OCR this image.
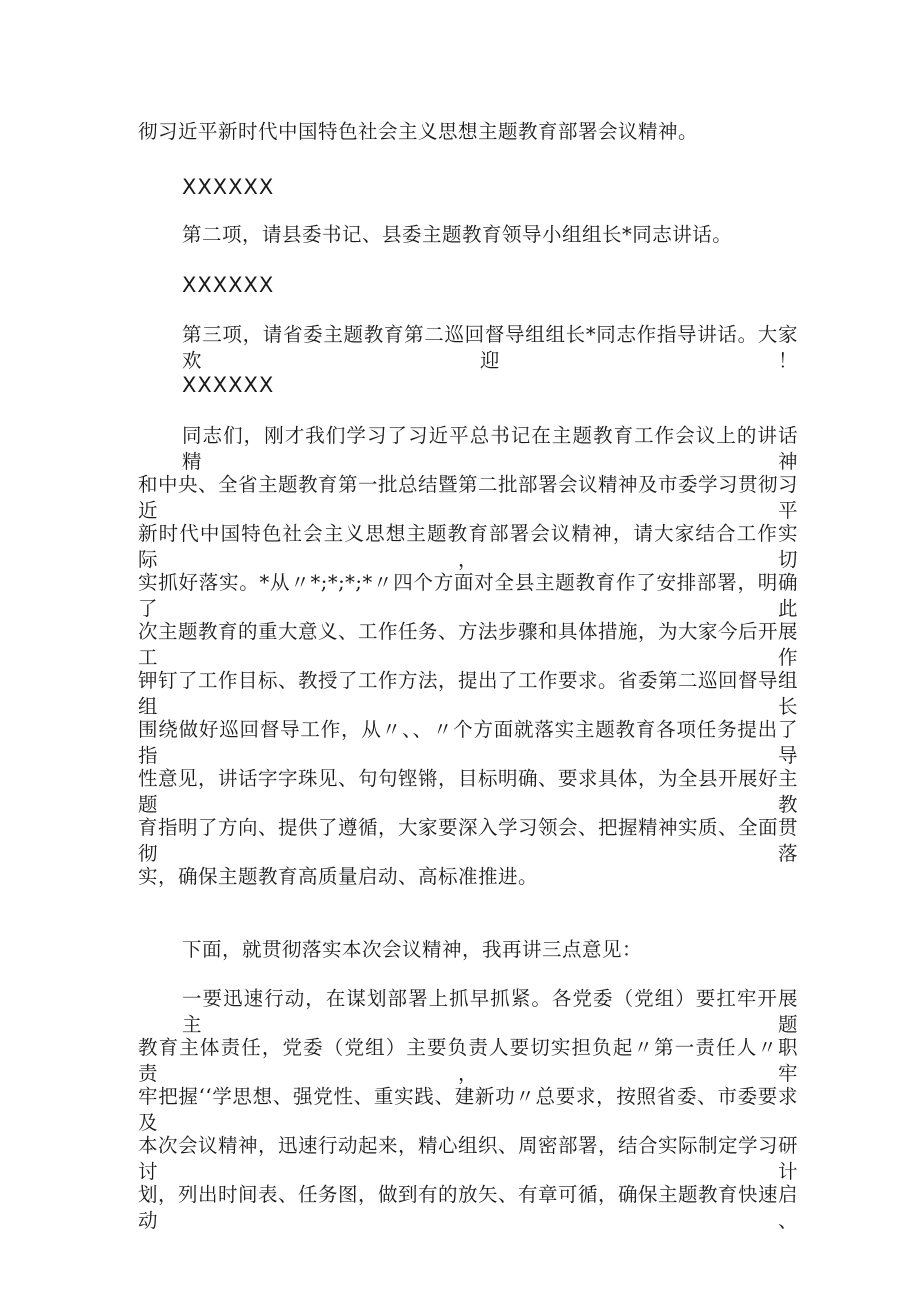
彻习近平新时代中国特色社会主义思想主题教育部署会议精神。
XXXXXX
第二项，请县委书记、县委主题教育领导小组组长*同志讲话。
XXXXXX
第三项，请省委主题教育第二巡回督导组组长*同志作指导讲话。大家欢迎！
XXXXXX
同志们，刚才我们学习了习近平总书记在主题教育工作会议上的讲话精神
和中央、全省主题教育第一批总结暨第二批部署会议精神及市委学习贯彻习近平
新时代中国特色社会主义思想主题教育部署会议精神，请大家结合工作实际，切
实抓好落实。*从〃*;*;*;*〃四个方面对全县主题教育作了安排部署，明确了此
次主题教育的重大意义、工作任务、方法步骤和具体措施，为大家今后开展工作
钾钉了工作目标、教授了工作方法，提出了工作要求。省委第二巡回督导组组长
围绕做好巡回督导工作，从〃、、〃个方面就落实主题教育各项任务提出了指导
性意见，讲话字字珠见、句句铿锵，目标明确、要求具体，为全县开展好主题教
育指明了方向、提供了遵循，大家要深入学习领会、把握精神实质、全面贯彻落
实，确保主题教育高质量启动、高标准推进。
下面，就贯彻落实本次会议精神，我再讲三点意见：
一要迅速行动，在谋划部署上抓早抓紧。各党委（党组）要扛牢开展主题
教育主体责任，党委（党组）主要负责人要切实担负起〃第一责任人〃职责，牢
牢把握‘‘学思想、强党性、重实践、建新功〃总要求，按照省委、市委要求及
本次会议精神，迅速行动起来，精心组织、周密部署，结合实际制定学习研讨计
划，列出时间表、任务图，做到有的放矢、有章可循，确保主题教育快速启动、
